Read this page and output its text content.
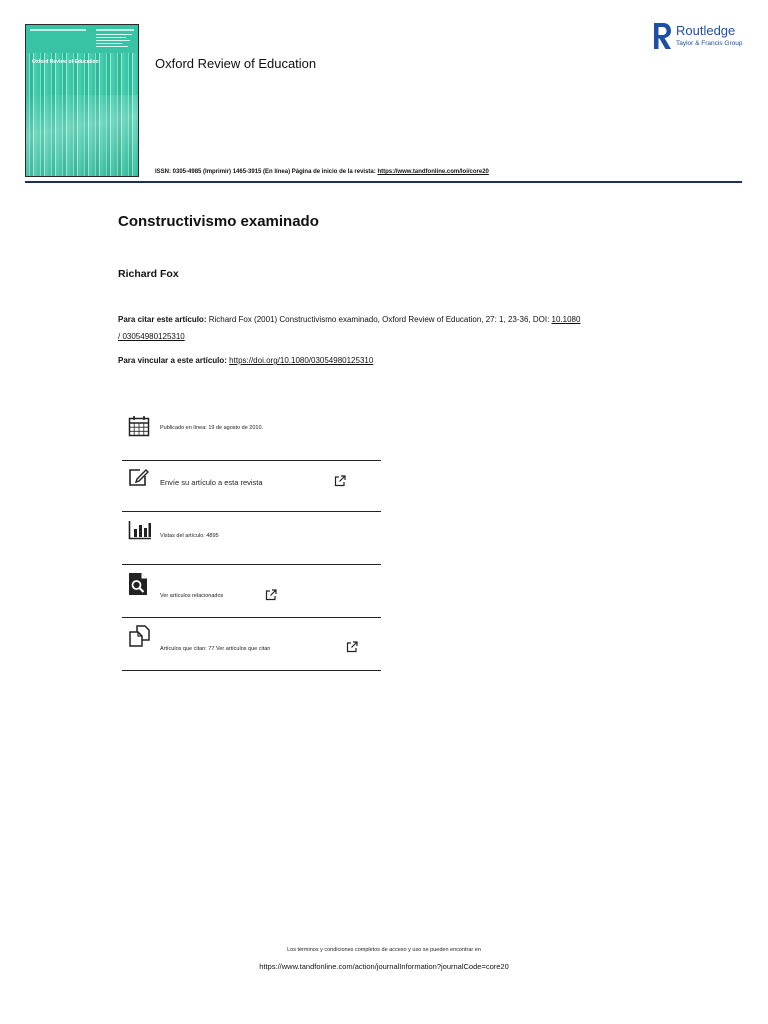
Oxford Review of Education	Oxford Review of Education
ISSN: 0305-4985 (Imprimir) 1465-3915 (En línea) Página de inicio de la revista: https://www.tandfonline.com/loi/core20
Routledge
Taylor & Francis Group
Constructivismo examinado
Richard Fox
Para citar este artículo: Richard Fox (2001) Constructivismo examinado, Oxford Review of Education, 27: 1, 23-36, DOI: 10.1080
/ 03054980125310
Para vincular a este artículo: https://doi.org/10.1080/03054980125310
Publicado en línea: 19 de agosto de 2010.
Envíe su artículo a esta revista
Vistas del artículo: 4895
Ver artículos relacionados
Artículos que citan: 77 Ver artículos que citan
Los términos y condiciones completos de acceso y uso se pueden encontrar en
https://www.tandfonline.com/action/journalInformation?journalCode=core20
